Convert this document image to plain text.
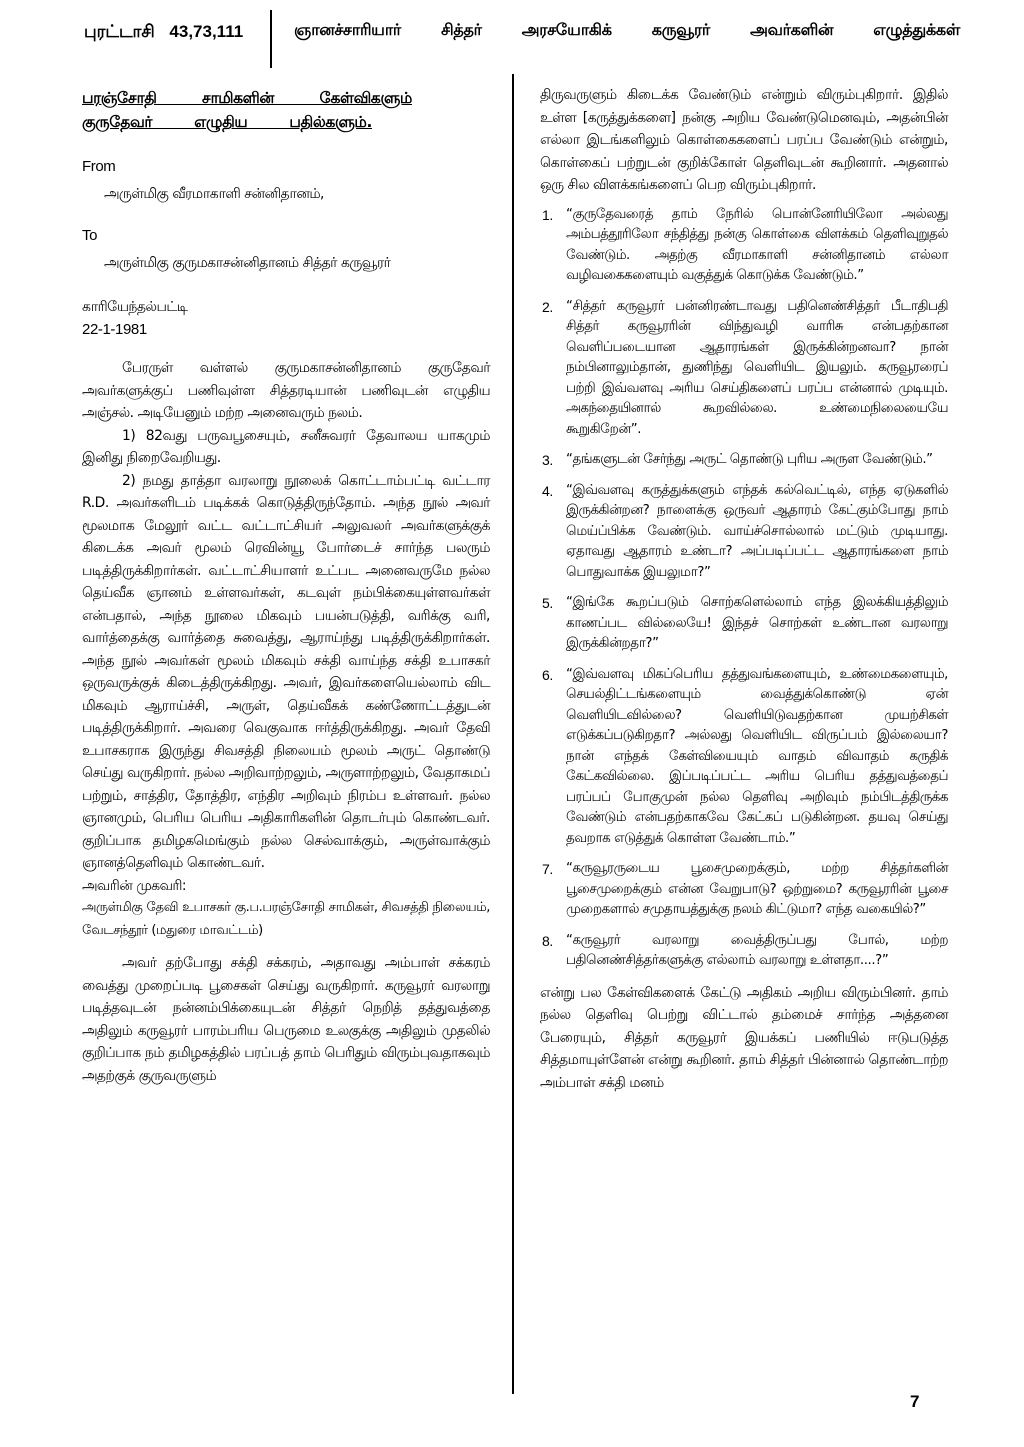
புரட்டாசி 43,73,111	ஞானச்சாரியார் சித்தர் அரசயோகிக் கருவூரர் அவர்களின் எழுத்துக்கள்
பரஞ்சோதி சாமிகளின் கேள்விகளும்
குருதேவர் எழுதிய பதில்களும்.

From

அருள்மிகு வீரமாகாளி சன்னிதானம்,

To

அருள்மிகு குருமகாசன்னிதானம் சித்தர் கருவூரர்

காரியேந்தல்பட்டி

22-1-1981

பேரருள் வள்ளல் குருமகாசன்னிதானம் குருதேவர் அவர்களுக்குப் பணிவுள்ள சித்தரடியான் பணிவுடன் எழுதிய அஞ்சல். அடியேனும் மற்ற அனைவரும் நலம்.

1) 82வது பருவபூசையும், சனீசுவரர் தேவாலய யாகமும் இனிது நிறைவேறியது.

2) நமது தாத்தா வரலாறு நூலைக் கொட்டாம்பட்டி வட்டார R.D. அவர்களிடம் படிக்கக் கொடுத்திருந்தோம். அந்த நூல் அவர் மூலமாக மேலூர் வட்ட வட்டாட்சியர் அலுவலர் அவர்களுக்குக் கிடைக்க அவர் மூலம் ரெவின்யூ போர்டைச் சார்ந்த பலரும் படித்திருக்கிறார்கள். வட்டாட்சியாளர் உட்பட அனைவருமே நல்ல தெய்வீக ஞானம் உள்ளவர்கள், கடவுள் நம்பிக்கையுள்ளவர்கள் என்பதால், அந்த நூலை மிகவும் பயன்படுத்தி, வரிக்கு வரி, வார்த்தைக்கு வார்த்தை சுவைத்து, ஆராய்ந்து படித்திருக்கிறார்கள். அந்த நூல் அவர்கள் மூலம் மிகவும் சக்தி வாய்ந்த சக்தி உபாசகர் ஒருவருக்குக் கிடைத்திருக்கிறது. அவர், இவர்களையெல்லாம் விட மிகவும் ஆராய்ச்சி, அருள், தெய்வீகக் கண்ணோட்டத்துடன் படித்திருக்கிறார். அவரை வெகுவாக ஈர்த்திருக்கிறது. அவர் தேவி உபாசகராக இருந்து சிவசத்தி நிலையம் மூலம் அருட் தொண்டு செய்து வருகிறார். நல்ல அறிவாற்றலும், அருளாற்றலும், வேதாகமப் பற்றும், சாத்திர, தோத்திர, எந்திர அறிவும் நிரம்ப உள்ளவர். நல்ல ஞானமும், பெரிய பெரிய அதிகாரிகளின் தொடர்பும் கொண்டவர். குறிப்பாக தமிழகமெங்கும் நல்ல செல்வாக்கும், அருள்வாக்கும் ஞானத்தெளிவும் கொண்டவர்.

அவரின் முகவரி:

அருள்மிகு தேவி உபாசகர் கு.ப.பரஞ்சோதி சாமிகள், சிவசத்தி நிலையம், வேடசந்தூர் (மதுரை மாவட்டம்)

அவர் தற்போது சக்தி சக்கரம், அதாவது அம்பாள் சக்கரம் வைத்து முறைப்படி பூசைகள் செய்து வருகிறார். கருவூரர் வரலாறு படித்தவுடன் நன்னம்பிக்கையுடன் சித்தர் நெறித் தத்துவத்தை அதிலும் கருவூரர் பாரம்பரிய பெருமை உலகுக்கு அதிலும் முதலில் குறிப்பாக நம் தமிழகத்தில் பரப்பத் தாம் பெரிதும் விரும்புவதாகவும் அதற்குக் குருவருளும்

திருவருளும் கிடைக்க வேண்டும் என்றும் விரும்புகிறார். இதில் உள்ள [கருத்துக்களை] நன்கு அறிய வேண்டுமெனவும், அதன்பின் எல்லா இடங்களிலும் கொள்கைகளைப் பரப்ப வேண்டும் என்றும், கொள்கைப் பற்றுடன் குறிக்கோள் தெளிவுடன் கூறினார். அதனால் ஒரு சில விளக்கங்களைப் பெற விரும்புகிறார்.

1. “குருதேவரைத் தாம் நேரில் பொன்னேரியிலோ அல்லது அம்பத்தூரிலோ சந்தித்து நன்கு கொள்கை விளக்கம் தெளிவுறுதல் வேண்டும். அதற்கு வீரமாகாளி சன்னிதானம் எல்லா வழிவகைகளையும் வகுத்துக் கொடுக்க வேண்டும்.”
2. “சித்தர் கருவூரர் பன்னிரண்டாவது பதினெண்சித்தர் பீடாதிபதி சித்தர் கருவூரரின் விந்துவழி வாரிசு என்பதற்கான வெளிப்படையான ஆதாரங்கள் இருக்கின்றனவா? நான் நம்பினாலும்தான், துணிந்து வெளியிட இயலும். கருவூரரைப் பற்றி இவ்வளவு அரிய செய்திகளைப் பரப்ப என்னால் முடியும். அகந்தையினால் கூறவில்லை. உண்மைநிலையையே கூறுகிறேன்”.
3. “தங்களுடன் சேர்ந்து அருட் தொண்டு புரிய அருள வேண்டும்.”
4. “இவ்வளவு கருத்துக்களும் எந்தக் கல்வெட்டில், எந்த ஏடுகளில் இருக்கின்றன? நாளைக்கு ஒருவர் ஆதாரம் கேட்கும்போது நாம் மெய்ப்பிக்க வேண்டும். வாய்ச்சொல்லால் மட்டும் முடியாது. ஏதாவது ஆதாரம் உண்டா? அப்படிப்பட்ட ஆதாரங்களை நாம் பொதுவாக்க இயலுமா?”
5. “இங்கே கூறப்படும் சொற்களெல்லாம் எந்த இலக்கியத்திலும் காணப்பட வில்லையே! இந்தச் சொற்கள் உண்டான வரலாறு இருக்கின்றதா?”
6. “இவ்வளவு மிகப்பெரிய தத்துவங்களையும், உண்மைகளையும், செயல்திட்டங்களையும் வைத்துக்கொண்டு ஏன் வெளியிடவில்லை? வெளியிடுவதற்கான முயற்சிகள் எடுக்கப்படுகிறதா? அல்லது வெளியிட விருப்பம் இல்லையா? நான் எந்தக் கேள்வியையும் வாதம் விவாதம் கருதிக் கேட்கவில்லை. இப்படிப்பட்ட அரிய பெரிய தத்துவத்தைப் பரப்பப் போகுமுன் நல்ல தெளிவு அறிவும் நம்பிடத்திருக்க வேண்டும் என்பதற்காகவே கேட்கப் படுகின்றன. தயவு செய்து தவறாக எடுத்துக் கொள்ள வேண்டாம்.”
7. “கருவூரருடைய பூசைமுறைக்கும், மற்ற சித்தர்களின் பூசைமுறைக்கும் என்ன வேறுபாடு? ஒற்றுமை? கருவூரரின் பூசை முறைகளால் சமுதாயத்துக்கு நலம் கிட்டுமா? எந்த வகையில்?”
8. “கருவூரர் வரலாறு வைத்திருப்பது போல், மற்ற பதினெண்சித்தர்களுக்கு எல்லாம் வரலாறு உள்ளதா....?”

என்று பல கேள்விகளைக் கேட்டு அதிகம் அறிய விரும்பினர். தாம் நல்ல தெளிவு பெற்று விட்டால் தம்மைச் சார்ந்த அத்தனை பேரையும், சித்தர் கருவூரர் இயக்கப் பணியில் ஈடுபடுத்த சித்தமாயுள்ளேன் என்று கூறினர். தாம் சித்தர் பின்னால் தொண்டாற்ற அம்பாள் சக்தி மனம்

7
